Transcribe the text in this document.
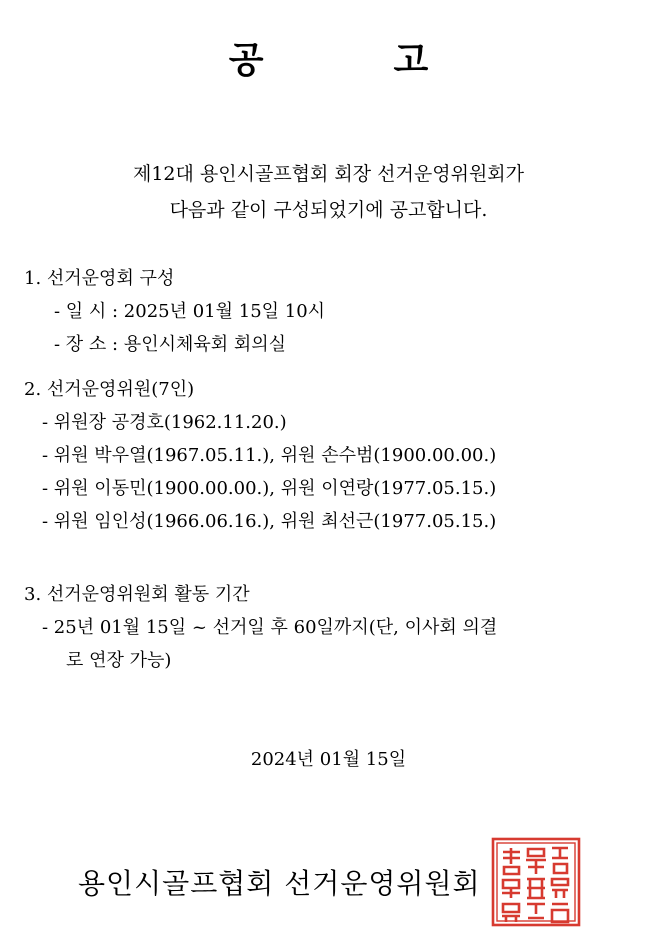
공	고
제12대 용인시골프협회 회장 선거운영위원회가
다음과 같이 구성되었기에 공고합니다.
1. 선거운영회 구성
- 일 시 : 2025년 01월 15일 10시
- 장 소 : 용인시체육회 회의실
2. 선거운영위원(7인)
- 위원장 공경호(1962.11.20.)
- 위원 박우열(1967.05.11.), 위원 손수범(1900.00.00.)
- 위원 이동민(1900.00.00.), 위원 이연랑(1977.05.15.)
- 위원 임인성(1966.06.16.), 위원 최선근(1977.05.15.)
3. 선거운영위원회 활동 기간
- 25년 01월 15일 ~ 선거일 후 60일까지(단, 이사회 의결
로 연장 가능)
2024년 01월 15일
용인시골프협회 선거운영위원회
